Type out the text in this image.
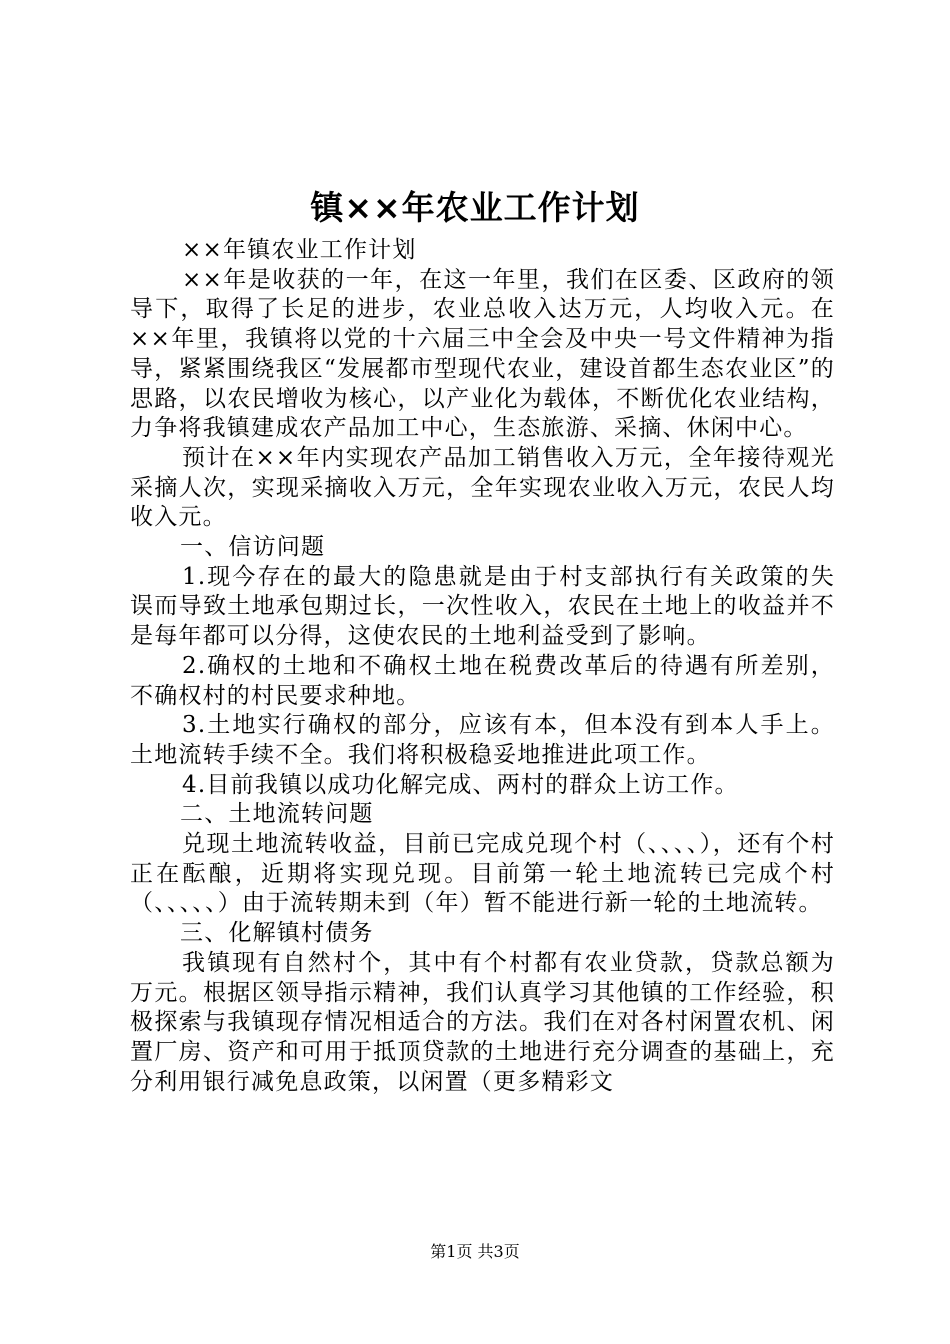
镇××年农业工作计划

××年镇农业工作计划

××年是收获的一年，在这一年里，我们在区委、区政府的领导下，取得了长足的进步，农业总收入达万元，人均收入元。在××年里，我镇将以党的十六届三中全会及中央一号文件精神为指导，紧紧围绕我区“发展都市型现代农业，建设首都生态农业区”的思路，以农民增收为核心，以产业化为载体，不断优化农业结构，力争将我镇建成农产品加工中心，生态旅游、采摘、休闲中心。

预计在××年内实现农产品加工销售收入万元，全年接待观光采摘人次，实现采摘收入万元，全年实现农业收入万元，农民人均收入元。

一、信访问题

1.现今存在的最大的隐患就是由于村支部执行有关政策的失误而导致土地承包期过长，一次性收入，农民在土地上的收益并不是每年都可以分得，这使农民的土地利益受到了影响。

2.确权的土地和不确权土地在税费改革后的待遇有所差别，不确权村的村民要求种地。

3.土地实行确权的部分，应该有本，但本没有到本人手上。土地流转手续不全。我们将积极稳妥地推进此项工作。

4.目前我镇以成功化解完成、两村的群众上访工作。

二、土地流转问题

兑现土地流转收益，目前已完成兑现个村（、、、、），还有个村正在酝酿，近期将实现兑现。目前第一轮土地流转已完成个村（、、、、、）由于流转期未到（年）暂不能进行新一轮的土地流转。

三、化解镇村债务

我镇现有自然村个，其中有个村都有农业贷款，贷款总额为万元。根据区领导指示精神，我们认真学习其他镇的工作经验，积极探索与我镇现存情况相适合的方法。我们在对各村闲置农机、闲置厂房、资产和可用于抵顶贷款的土地进行充分调查的基础上，充分利用银行减免息政策，以闲置（更多精彩文

第1页 共3页
